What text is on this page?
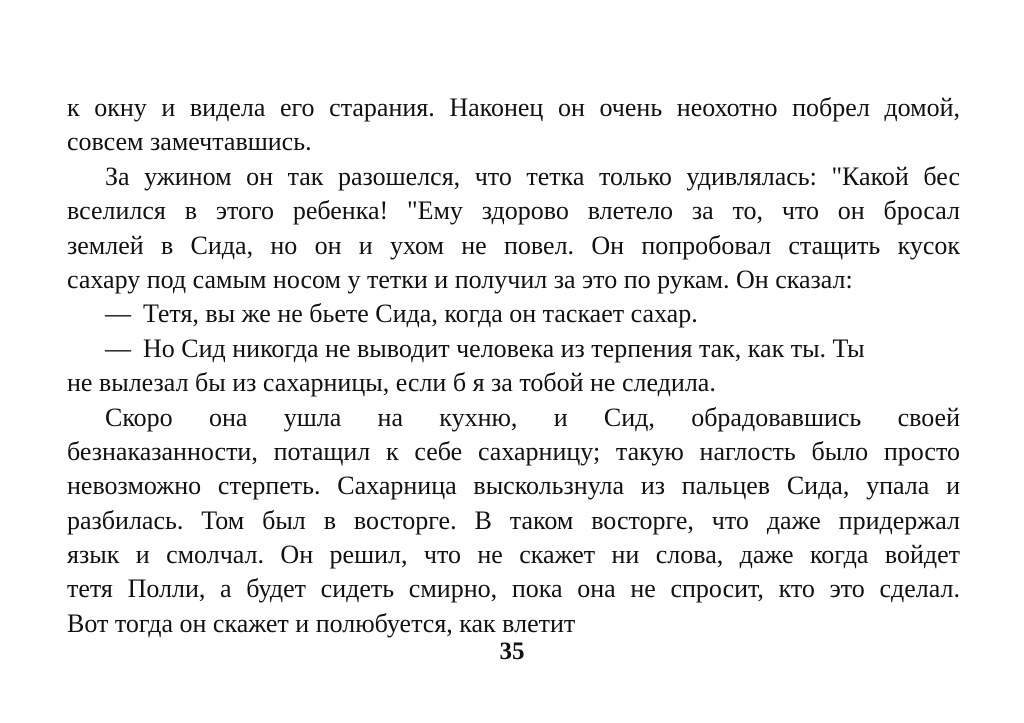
к окну и видела его старания. Наконец он очень неохотно побрел домой,
совсем замечтавшись.
За ужином он так разошелся, что тетка только удивлялась: "Какой бес
вселился в этого ребенка! "Ему здорово влетело за то, что он бросал
землей в Сида, но он и ухом не повел. Он попробовал стащить кусок
сахару под самым носом у тетки и получил за это по рукам. Он сказал:
— Тетя, вы же не бьете Сида, когда он таскает сахар.
—Но Сид никогда не выводит человека из терпения так, как ты. Ты
не вылезал бы из сахарницы, если б я за тобой не следила.
Скоро она ушла на кухню, и Сид, обрадовавшись своей
безнаказанности, потащил к себе сахарницу; такую наглость было просто
невозможно стерпеть. Сахарница выскользнула из пальцев Сида, упала и
разбилась. Том был в восторге. В таком восторге, что даже придержал
язык и смолчал. Он решил, что не скажет ни слова, даже когда войдет
тетя Полли, а будет сидеть смирно, пока она не спросит, кто это сделал.
Вот тогда он скажет и полюбуется, как влетит
35
